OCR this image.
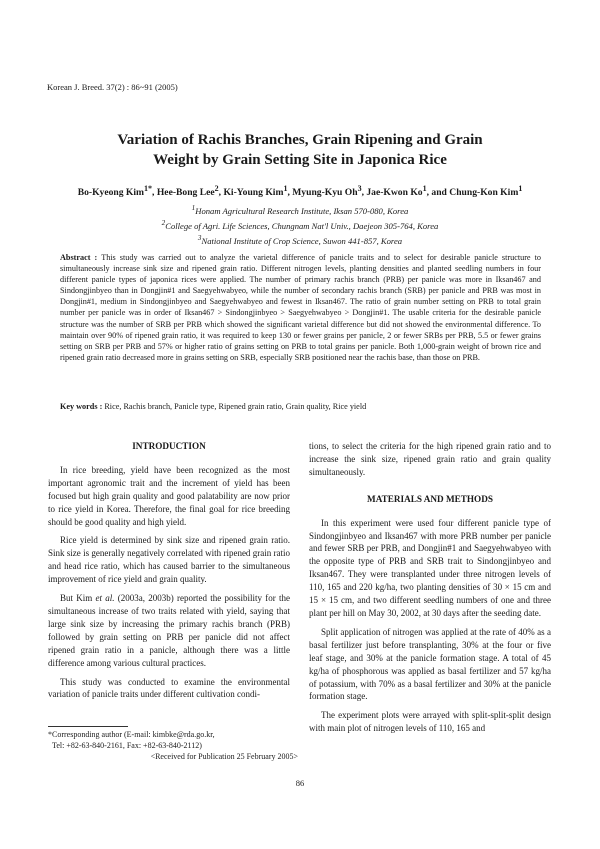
Korean J. Breed. 37(2) : 86~91 (2005)
Variation of Rachis Branches, Grain Ripening and Grain
Weight by Grain Setting Site in Japonica Rice
Bo-Kyeong Kim$^{1*}$, Hee-Bong Lee$^2$, Ki-Young Kim$^1$, Myung-Kyu Oh$^3$, Jae-Kwon Ko$^1$, and Chung-Kon Kim$^1$
$^1$Honam Agricultural Research Institute, Iksan 570-080, Korea
$^2$College of Agri. Life Sciences, Chungnam Nat'l Univ., Daejeon 305-764, Korea
$^3$National Institute of Crop Science, Suwon 441-857, Korea
Abstract : This study was carried out to analyze the varietal difference of panicle traits and to select for desirable panicle structure to simultaneously increase sink size and ripened grain ratio. Different nitrogen levels, planting densities and planted seedling numbers in four different panicle types of japonica rices were applied. The number of primary rachis branch (PRB) per panicle was more in Iksan467 and Sindongjinbyeo than in Dongjin#1 and Saegyehwabyeo, while the number of secondary rachis branch (SRB) per panicle and PRB was most in Dongjin#1, medium in Sindongjinbyeo and Saegyehwabyeo and fewest in Iksan467. The ratio of grain number setting on PRB to total grain number per panicle was in order of Iksan467 > Sindongjinbyeo > Saegyehwabyeo > Dongjin#1. The usable criteria for the desirable panicle structure was the number of SRB per PRB which showed the significant varietal difference but did not showed the environmental difference. To maintain over 90% of ripened grain ratio, it was required to keep 130 or fewer grains per panicle, 2 or fewer SRBs per PRB, 5.5 or fewer grains setting on SRB per PRB and 57% or higher ratio of grains setting on PRB to total grains per panicle. Both 1,000-grain weight of brown rice and ripened grain ratio decreased more in grains setting on SRB, especially SRB positioned near the rachis base, than those on PRB.
Key words : Rice, Rachis branch, Panicle type, Ripened grain ratio, Grain quality, Rice yield
INTRODUCTION

In rice breeding, yield have been recognized as the most important agronomic trait and the increment of yield has been focused but high grain quality and good palatability are now prior to rice yield in Korea. Therefore, the final goal for rice breeding should be good quality and high yield.

Rice yield is determined by sink size and ripened grain ratio. Sink size is generally negatively correlated with ripened grain ratio and head rice ratio, which has caused barrier to the simultaneous improvement of rice yield and grain quality.

But Kim et al. (2003a, 2003b) reported the possibility for the simultaneous increase of two traits related with yield, saying that large sink size by increasing the primary rachis branch (PRB) followed by grain setting on PRB per panicle did not affect ripened grain ratio in a panicle, although there was a little difference among various cultural practices.

This study was conducted to examine the environmental variation of panicle traits under different cultivation condi-

tions, to select the criteria for the high ripened grain ratio and to increase the sink size, ripened grain ratio and grain quality simultaneously.

MATERIALS AND METHODS

In this experiment were used four different panicle type of Sindongjinbyeo and Iksan467 with more PRB number per panicle and fewer SRB per PRB, and Dongjin#1 and Saegyehwabyeo with the opposite type of PRB and SRB trait to Sindongjinbyeo and Iksan467. They were transplanted under three nitrogen levels of 110, 165 and 220 kg/ha, two planting densities of 30 × 15 cm and 15 × 15 cm, and two different seedling numbers of one and three plant per hill on May 30, 2002, at 30 days after the seeding date.

Split application of nitrogen was applied at the rate of 40% as a basal fertilizer just before transplanting, 30% at the four or five leaf stage, and 30% at the panicle formation stage. A total of 45 kg/ha of phosphorous was applied as basal fertilizer and 57 kg/ha of potassium, with 70% as a basal fertilizer and 30% at the panicle formation stage.

The experiment plots were arrayed with split-split-split design with main plot of nitrogen levels of 110, 165 and

*Corresponding author (E-mail: kimbke@rda.go.kr,
Tel: +82-63-840-2161, Fax: +82-63-840-2112)
<Received for Publication 25 February 2005>
86
